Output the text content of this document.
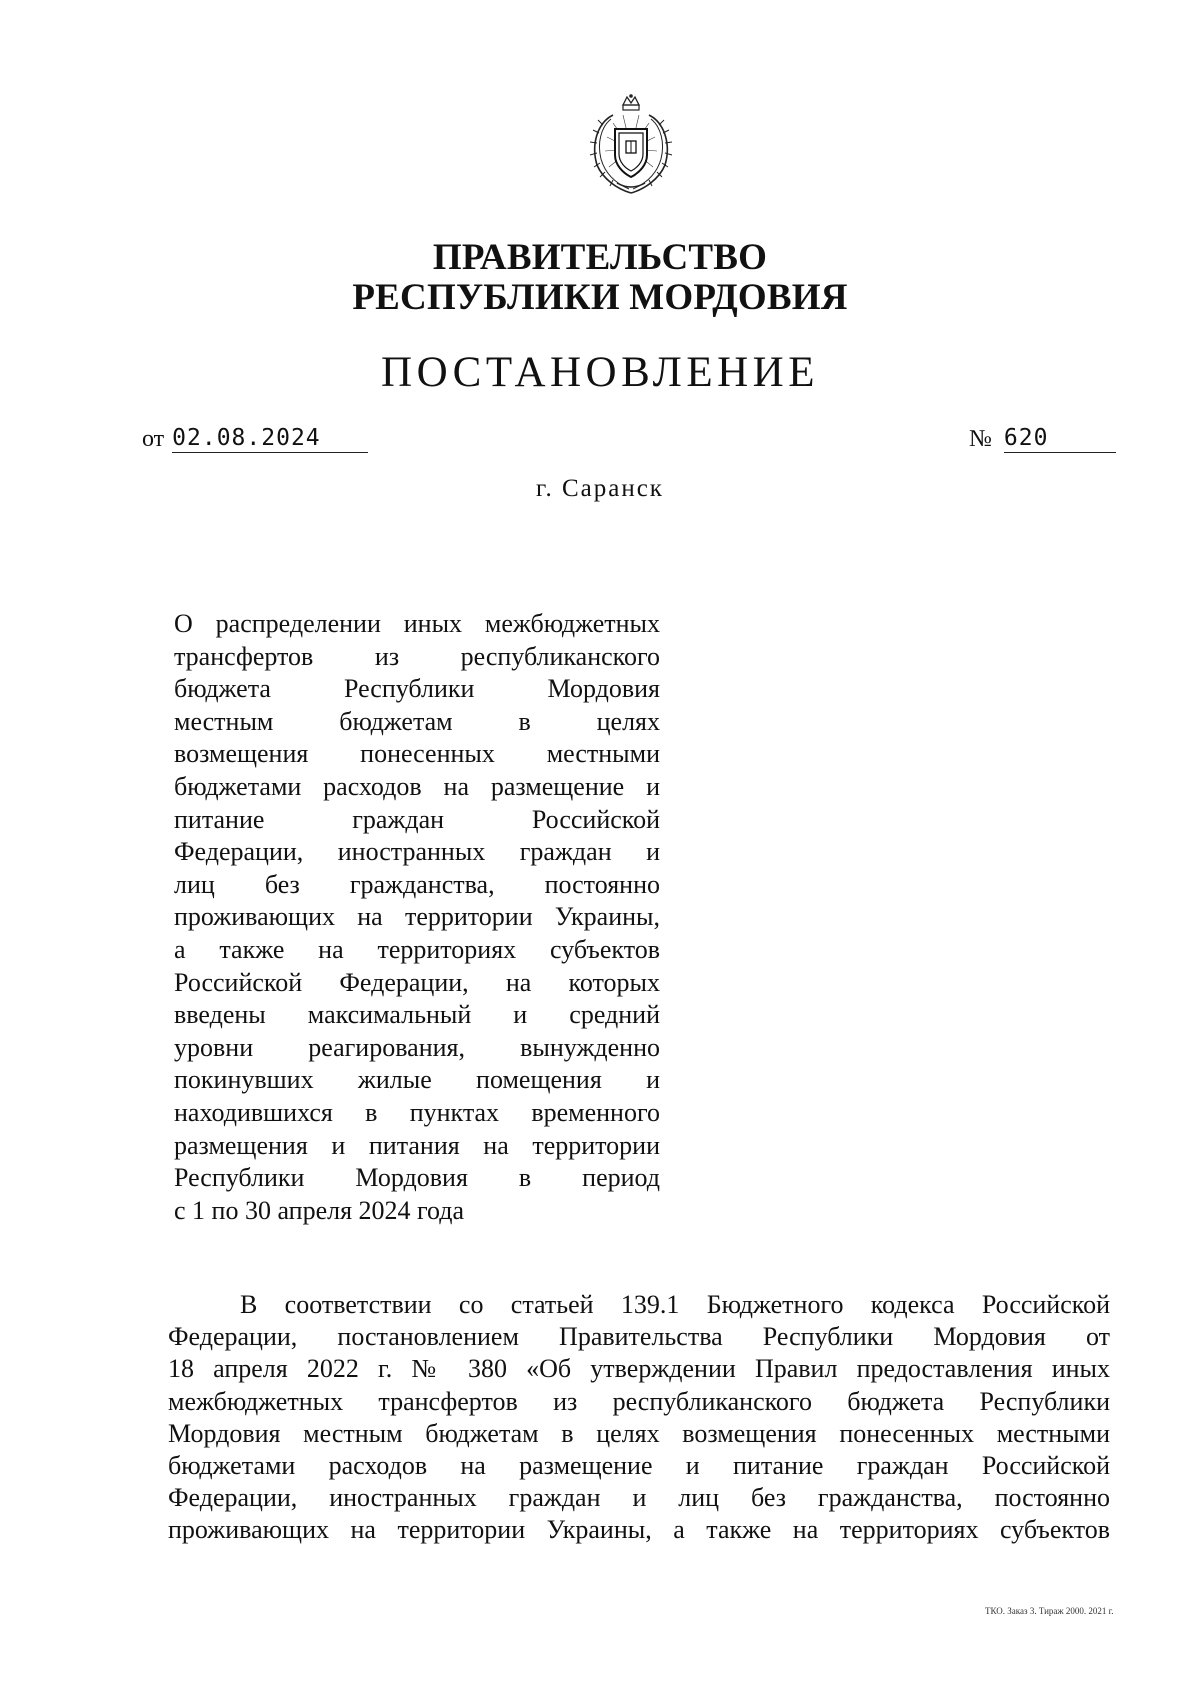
ПРАВИТЕЛЬСТВО
РЕСПУБЛИКИ МОРДОВИЯ
ПОСТАНОВЛЕНИЕ
от 02.08.2024	№ 620
г. Саранск
О распределении иных межбюджетных
трансфертов из республиканского
бюджета Республики Мордовия
местным бюджетам в целях
возмещения понесенных местными
бюджетами расходов на размещение и
питание граждан Российской
Федерации, иностранных граждан и
лиц без гражданства, постоянно
проживающих на территории Украины,
а также на территориях субъектов
Российской Федерации, на которых
введены максимальный и средний
уровни реагирования, вынужденно
покинувших жилые помещения и
находившихся в пунктах временного
размещения и питания на территории
Республики Мордовия в период
с 1 по 30 апреля 2024 года
В соответствии со статьей 139.1 Бюджетного кодекса Российской
Федерации, постановлением Правительства Республики Мордовия от
18 апреля 2022 г. № 380 «Об утверждении Правил предоставления иных
межбюджетных трансфертов из республиканского бюджета Республики
Мордовия местным бюджетам в целях возмещения понесенных местными
бюджетами расходов на размещение и питание граждан Российской
Федерации, иностранных граждан и лиц без гражданства, постоянно
проживающих на территории Украины, а также на территориях субъектов
ТКО. Заказ 3. Тираж 2000. 2021 г.
